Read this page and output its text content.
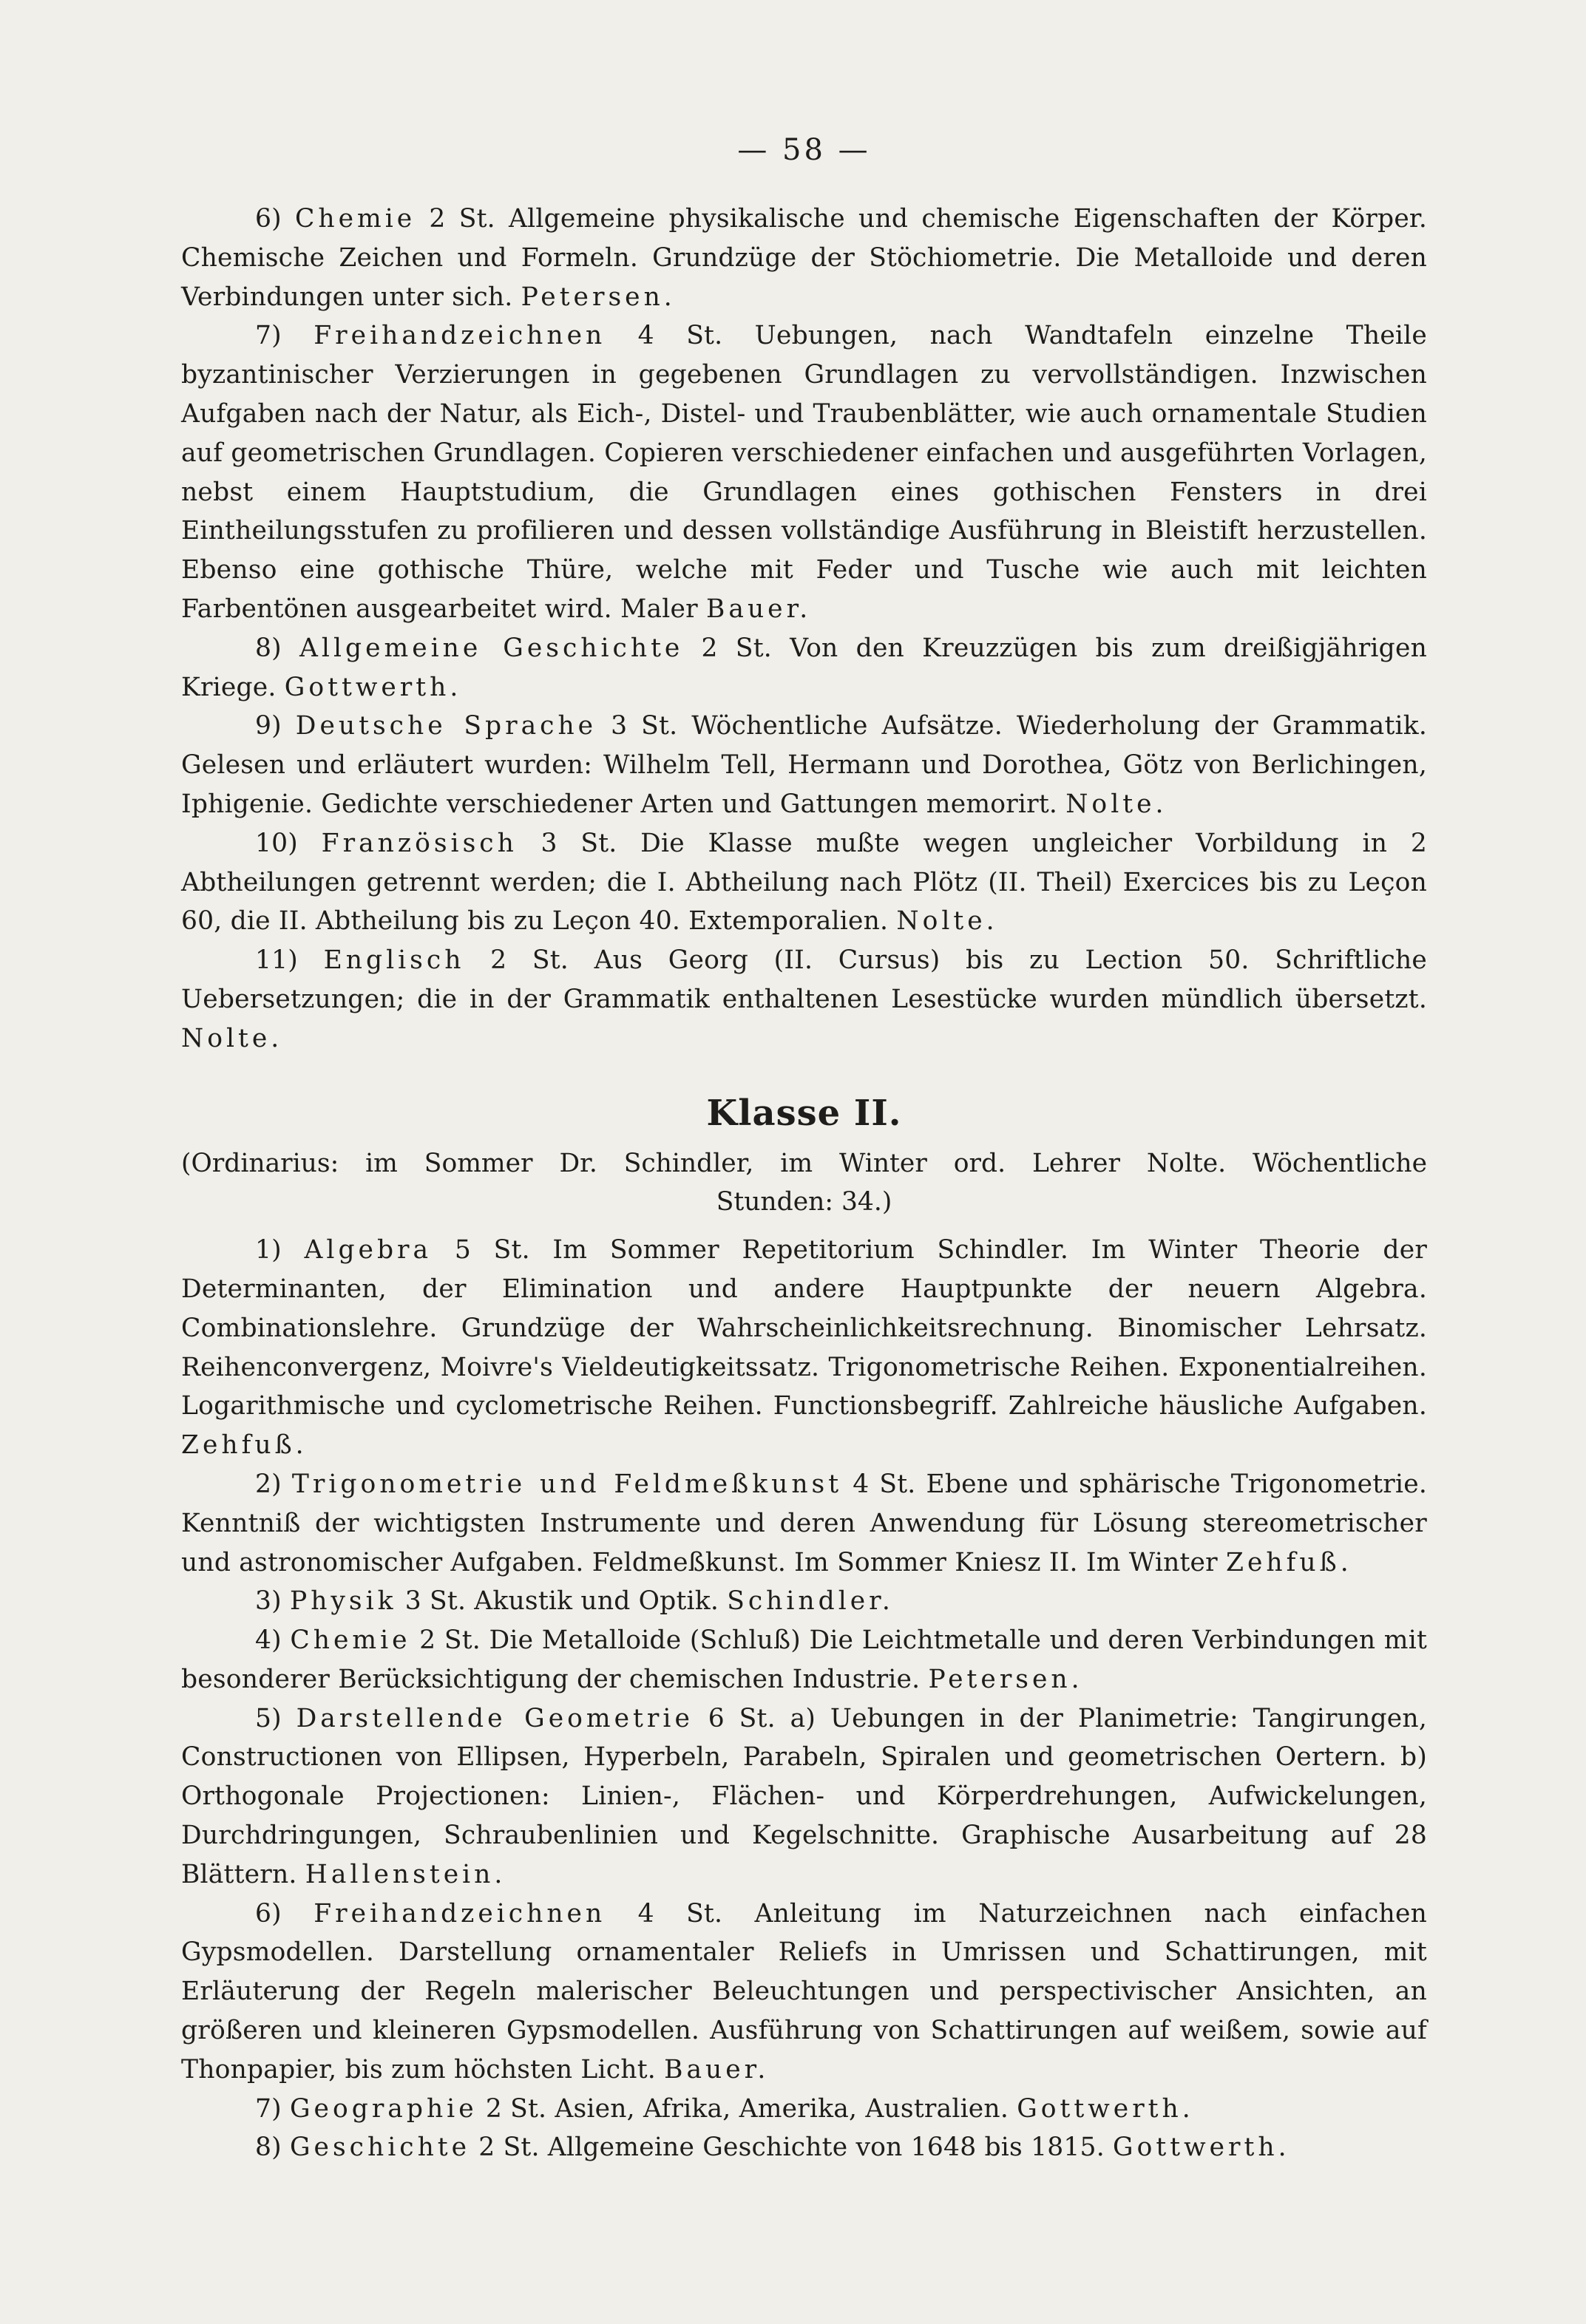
— 58 —

6) Chemie 2 St. Allgemeine physikalische und chemische Eigenschaften der Körper. Chemische Zeichen und Formeln. Grundzüge der Stöchiometrie. Die Metalloide und deren Verbindungen unter sich. Petersen.

7) Freihandzeichnen 4 St. Uebungen, nach Wandtafeln einzelne Theile byzantinischer Verzierungen in gegebenen Grundlagen zu vervollständigen. Inzwischen Aufgaben nach der Natur, als Eich-, Distel- und Traubenblätter, wie auch ornamentale Studien auf geometrischen Grundlagen. Copieren verschiedener einfachen und ausgeführten Vorlagen, nebst einem Hauptstudium, die Grundlagen eines gothischen Fensters in drei Eintheilungsstufen zu profilieren und dessen vollständige Ausführung in Bleistift herzustellen. Ebenso eine gothische Thüre, welche mit Feder und Tusche wie auch mit leichten Farbentönen ausgearbeitet wird. Maler Bauer.

8) Allgemeine Geschichte 2 St. Von den Kreuzzügen bis zum dreißigjährigen Kriege. Gottwerth.

9) Deutsche Sprache 3 St. Wöchentliche Aufsätze. Wiederholung der Grammatik. Gelesen und erläutert wurden: Wilhelm Tell, Hermann und Dorothea, Götz von Berlichingen, Iphigenie. Gedichte verschiedener Arten und Gattungen memorirt. Nolte.

10) Französisch 3 St. Die Klasse mußte wegen ungleicher Vorbildung in 2 Abtheilungen getrennt werden; die I. Abtheilung nach Plötz (II. Theil) Exercices bis zu Leçon 60, die II. Abtheilung bis zu Leçon 40. Extemporalien. Nolte.

11) Englisch 2 St. Aus Georg (II. Cursus) bis zu Lection 50. Schriftliche Uebersetzungen; die in der Grammatik enthaltenen Lesestücke wurden mündlich übersetzt. Nolte.

Klasse II.
(Ordinarius: im Sommer Dr. Schindler, im Winter ord. Lehrer Nolte. Wöchentliche
Stunden: 34.)

1) Algebra 5 St. Im Sommer Repetitorium Schindler. Im Winter Theorie der Determinanten, der Elimination und andere Hauptpunkte der neuern Algebra. Combinationslehre. Grundzüge der Wahrscheinlichkeitsrechnung. Binomischer Lehrsatz. Reihenconvergenz, Moivre's Vieldeutigkeitssatz. Trigonometrische Reihen. Exponentialreihen. Logarithmische und cyclometrische Reihen. Functionsbegriff. Zahlreiche häusliche Aufgaben. Zehfuß.

2) Trigonometrie und Feldmeßkunst 4 St. Ebene und sphärische Trigonometrie. Kenntniß der wichtigsten Instrumente und deren Anwendung für Lösung stereometrischer und astronomischer Aufgaben. Feldmeßkunst. Im Sommer Kniesz II. Im Winter Zehfuß.

3) Physik 3 St. Akustik und Optik. Schindler.

4) Chemie 2 St. Die Metalloide (Schluß) Die Leichtmetalle und deren Verbindungen mit besonderer Berücksichtigung der chemischen Industrie. Petersen.

5) Darstellende Geometrie 6 St. a) Uebungen in der Planimetrie: Tangirungen, Constructionen von Ellipsen, Hyperbeln, Parabeln, Spiralen und geometrischen Oertern. b) Orthogonale Projectionen: Linien-, Flächen- und Körperdrehungen, Aufwickelungen, Durchdringungen, Schraubenlinien und Kegelschnitte. Graphische Ausarbeitung auf 28 Blättern. Hallenstein.

6) Freihandzeichnen 4 St. Anleitung im Naturzeichnen nach einfachen Gypsmodellen. Darstellung ornamentaler Reliefs in Umrissen und Schattirungen, mit Erläuterung der Regeln malerischer Beleuchtungen und perspectivischer Ansichten, an größeren und kleineren Gypsmodellen. Ausführung von Schattirungen auf weißem, sowie auf Thonpapier, bis zum höchsten Licht. Bauer.

7) Geographie 2 St. Asien, Afrika, Amerika, Australien. Gottwerth.

8) Geschichte 2 St. Allgemeine Geschichte von 1648 bis 1815. Gottwerth.
